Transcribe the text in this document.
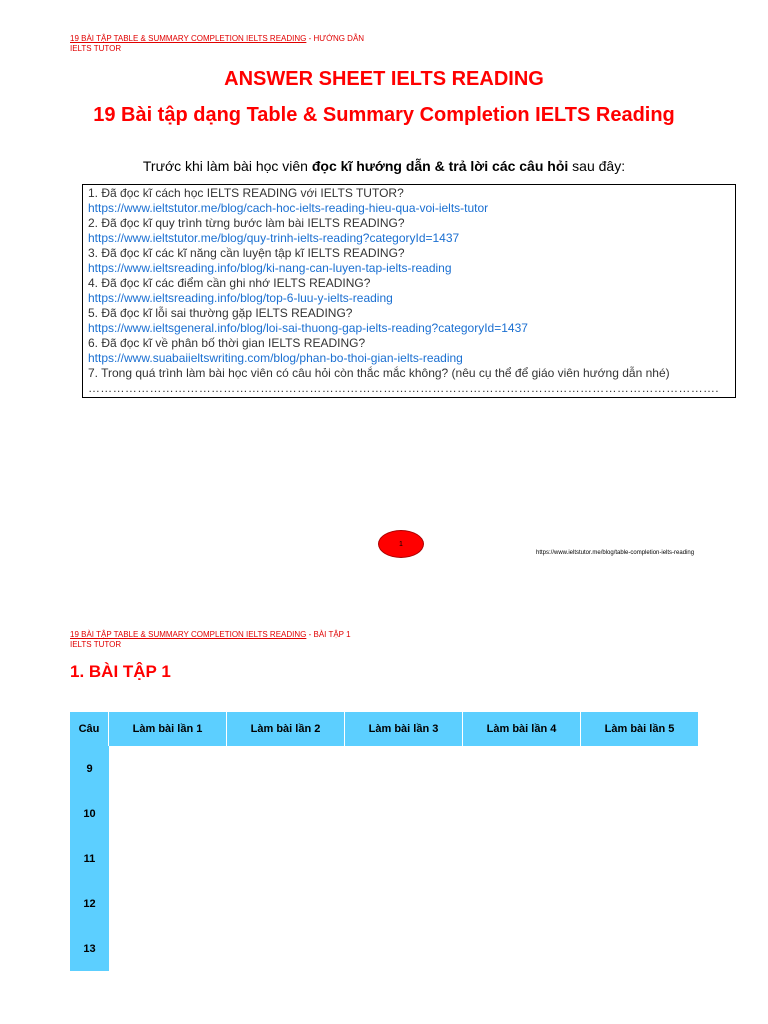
19 BÀI TẬP TABLE & SUMMARY COMPLETION IELTS READING - HƯỚNG DẪN
IELTS TUTOR
ANSWER SHEET IELTS READING
19 Bài tập dạng Table & Summary Completion IELTS Reading
Trước khi làm bài học viên đọc kĩ hướng dẫn & trả lời các câu hỏi sau đây:
1. Đã đọc kĩ cách học IELTS READING với IELTS TUTOR?
https://www.ieltstutor.me/blog/cach-hoc-ielts-reading-hieu-qua-voi-ielts-tutor
2. Đã đọc kĩ quy trình từng bước làm bài IELTS READING?
https://www.ieltstutor.me/blog/quy-trinh-ielts-reading?categoryId=1437
3. Đã đọc kĩ các kĩ năng cần luyện tập kĩ IELTS READING?
https://www.ieltsreading.info/blog/ki-nang-can-luyen-tap-ielts-reading
4. Đã đọc kĩ các điểm cần ghi nhớ IELTS READING?
https://www.ieltsreading.info/blog/top-6-luu-y-ielts-reading
5. Đã đọc kĩ lỗi sai thường gặp IELTS READING?
https://www.ieltsgeneral.info/blog/loi-sai-thuong-gap-ielts-reading?categoryId=1437
6. Đã đọc kĩ về phân bố thời gian IELTS READING?
https://www.suabaiieltswriting.com/blog/phan-bo-thoi-gian-ielts-reading
7. Trong quá trình làm bài học viên có câu hỏi còn thắc mắc không? (nêu cụ thể để giáo viên hướng dẫn nhé)
……………………………………………………………………………………………………………………………………….
1
https://www.ieltstutor.me/blog/table-completion-ielts-reading
19 BÀI TẬP TABLE & SUMMARY COMPLETION IELTS READING - BÀI TẬP 1
IELTS TUTOR
1. BÀI TẬP 1
Câu	Làm bài lần 1	Làm bài lần 2	Làm bài lần 3	Làm bài lần 4	Làm bài lần 5
9					
10					
11					
12					
13					
